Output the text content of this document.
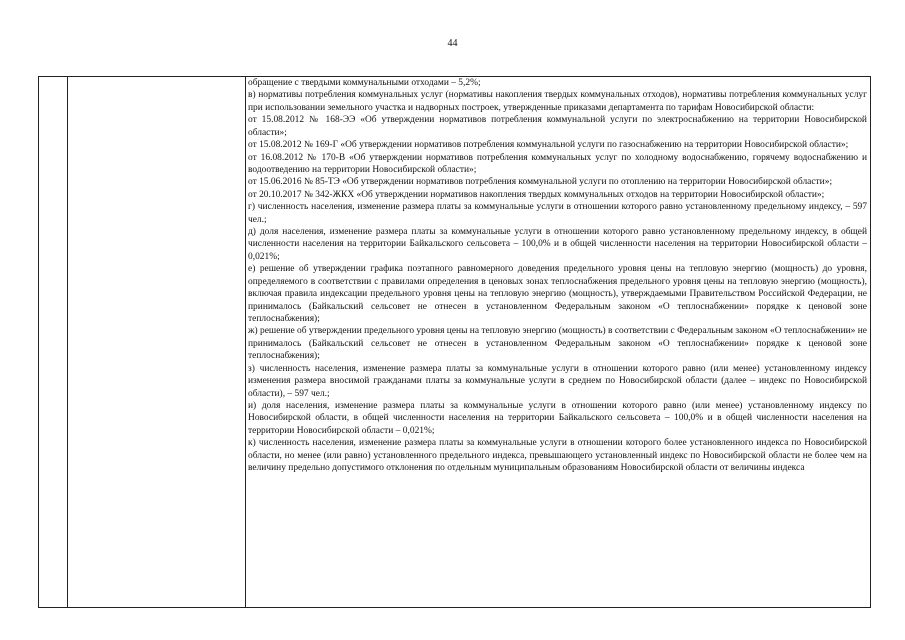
44

обращение с твердыми коммунальными отходами – 5,2%;

в) нормативы потребления коммунальных услуг (нормативы накопления твердых коммунальных отходов), нормативы потребления коммунальных услуг при использовании земельного участка и надворных построек, утвержденные приказами департамента по тарифам Новосибирской области:

от 15.08.2012 № 168-ЭЭ «Об утверждении нормативов потребления коммунальной услуги по электроснабжению на территории Новосибирской области»;

от 15.08.2012 № 169-Г «Об утверждении нормативов потребления коммунальной услуги по газоснабжению на территории Новосибирской области»;

от 16.08.2012 № 170-В «Об утверждении нормативов потребления коммунальных услуг по холодному водоснабжению, горячему водоснабжению и водоотведению на территории Новосибирской области»;

от 15.06.2016 № 85-ТЭ «Об утверждении нормативов потребления коммунальной услуги по отоплению на территории Новосибирской области»;

от 20.10.2017 № 342-ЖКХ «Об утверждении нормативов накопления твердых коммунальных отходов на территории Новосибирской области»;

г) численность населения, изменение размера платы за коммунальные услуги в отношении которого равно установленному предельному индексу, – 597 чел.;

д) доля населения, изменение размера платы за коммунальные услуги в отношении которого равно установленному предельному индексу, в общей численности населения на территории Байкальского сельсовета – 100,0% и в общей численности населения на территории Новосибирской области – 0,021%;

е) решение об утверждении графика поэтапного равномерного доведения предельного уровня цены на тепловую энергию (мощность) до уровня, определяемого в соответствии с правилами определения в ценовых зонах теплоснабжения предельного уровня цены на тепловую энергию (мощность), включая правила индексации предельного уровня цены на тепловую энергию (мощность), утверждаемыми Правительством Российской Федерации, не принималось (Байкальский сельсовет не отнесен в установленном Федеральным законом «О теплоснабжении» порядке к ценовой зоне теплоснабжения);

ж) решение об утверждении предельного уровня цены на тепловую энергию (мощность) в соответствии с Федеральным законом «О теплоснабжении» не принималось (Байкальский сельсовет не отнесен в установленном Федеральным законом «О теплоснабжении» порядке к ценовой зоне теплоснабжения);

з) численность населения, изменение размера платы за коммунальные услуги в отношении которого равно (или менее) установленному индексу изменения размера вносимой гражданами платы за коммунальные услуги в среднем по Новосибирской области (далее – индекс по Новосибирской области), – 597 чел.;

и) доля населения, изменение размера платы за коммунальные услуги в отношении которого равно (или менее) установленному индексу по Новосибирской области, в общей численности населения на территории Байкальского сельсовета – 100,0% и в общей численности населения на территории Новосибирской области – 0,021%;

к) численность населения, изменение размера платы за коммунальные услуги в отношении которого более установленного индекса по Новосибирской области, но менее (или равно) установленного предельного индекса, превышающего установленный индекс по Новосибирской области не более чем на величину предельно допустимого отклонения по отдельным муниципальным образованиям Новосибирской области от величины индекса
